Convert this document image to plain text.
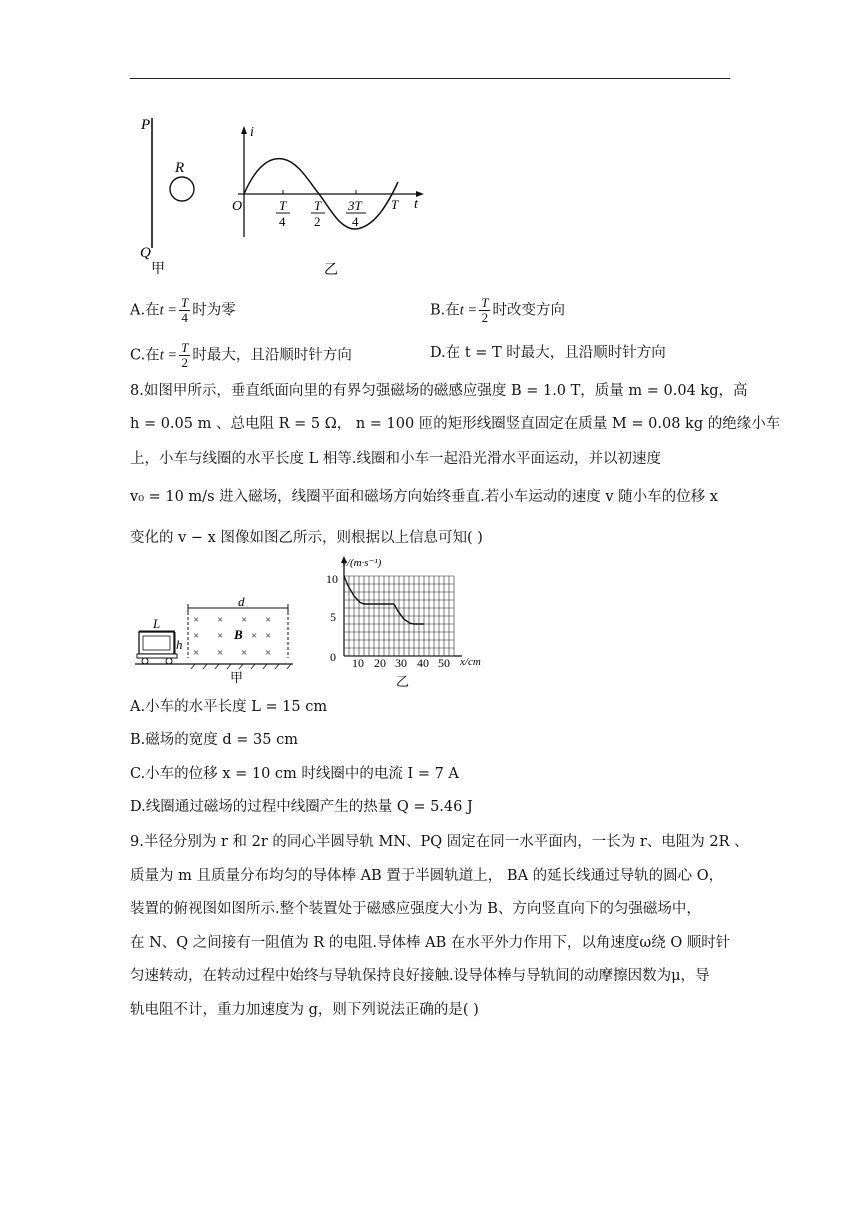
P
Q
R
甲
i
t
O	T
4
T
2
3T
4
T
乙
A.在$t = \frac{T}{4}$ 时为零	B.在$t = \frac{T}{2}$ 时改变方向
C.在$t = \frac{T}{2}$ 时最大，且沿顺时针方向	D.在 t = T 时最大，且沿顺时针方向
8.如图甲所示，垂直纸面向里的有界匀强磁场的磁感应强度 B = 1.0 T，质量 m = 0.04 kg，高
h = 0.05 m 、总电阻 R = 5 Ω， n = 100 匝的矩形线圈竖直固定在质量 M = 0.08 kg 的绝缘小车
上，小车与线圈的水平长度 L 相等.线圈和小车一起沿光滑水平面运动，并以初速度
v₀ = 10 m/s 进入磁场，线圈平面和磁场方向始终垂直.若小车运动的速度 v 随小车的位移 x
变化的 v − x 图像如图乙所示，则根据以上信息可知( )
d
× × × ×
× ×	× ×
× × × ×
B
L
h
甲
v/(m·s⁻¹)
x/cm
10
5
0 10 20 30 40 50
乙
A.小车的水平长度 L = 15 cm
B.磁场的宽度 d = 35 cm
C.小车的位移 x = 10 cm 时线圈中的电流 I = 7 A
D.线圈通过磁场的过程中线圈产生的热量 Q = 5.46 J
9.半径分别为 r 和 2r 的同心半圆导轨 MN、PQ 固定在同一水平面内，一长为 r、电阻为 2R 、
质量为 m 且质量分布均匀的导体棒 AB 置于半圆轨道上， BA 的延长线通过导轨的圆心 O，
装置的俯视图如图所示.整个装置处于磁感应强度大小为 B、方向竖直向下的匀强磁场中，
在 N、Q 之间接有一阻值为 R 的电阻.导体棒 AB 在水平外力作用下，以角速度ω绕 O 顺时针
匀速转动，在转动过程中始终与导轨保持良好接触.设导体棒与导轨间的动摩擦因数为μ，导
轨电阻不计，重力加速度为 g，则下列说法正确的是( )
